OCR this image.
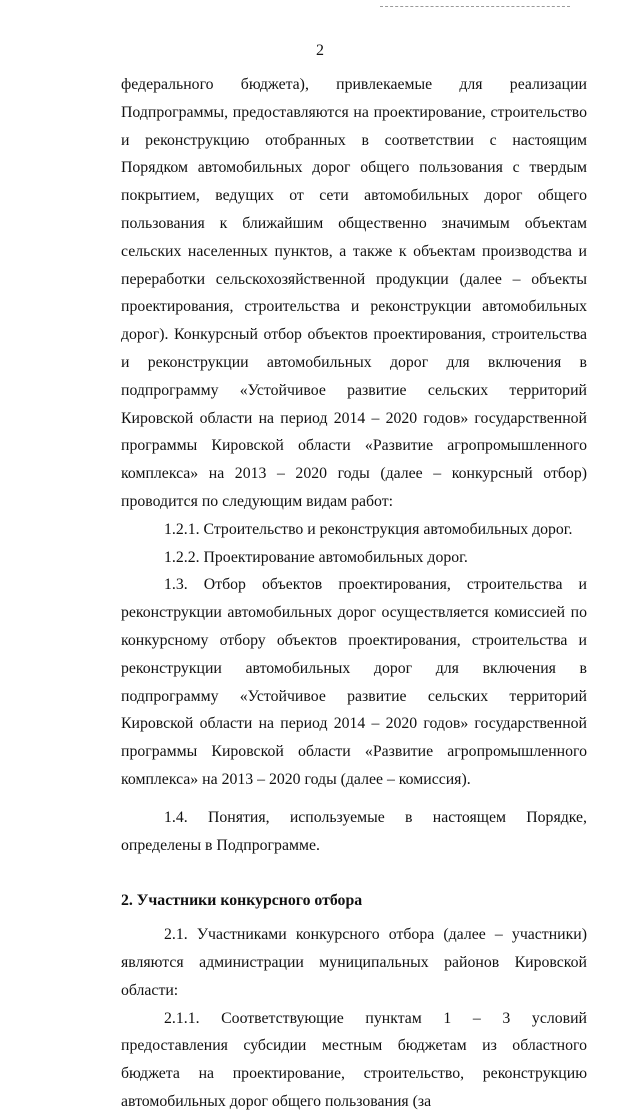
2

федерального бюджета), привлекаемые для реализации Подпрограммы, предоставляются на проектирование, строительство и реконструкцию отобранных в соответствии с настоящим Порядком автомобильных дорог общего пользования с твердым покрытием, ведущих от сети автомобильных дорог общего пользования к ближайшим общественно значимым объектам сельских населенных пунктов, а также к объектам производства и переработки сельскохозяйственной продукции (далее – объекты проектирования, строительства и реконструкции автомобильных дорог). Конкурсный отбор объектов проектирования, строительства и реконструкции автомобильных дорог для включения в подпрограмму «Устойчивое развитие сельских территорий Кировской области на период 2014 – 2020 годов» государственной программы Кировской области «Развитие агропромышленного комплекса» на 2013 – 2020 годы (далее – конкурсный отбор) проводится по следующим видам работ:

1.2.1. Строительство и реконструкция автомобильных дорог.

1.2.2. Проектирование автомобильных дорог.

1.3. Отбор объектов проектирования, строительства и реконструкции автомобильных дорог осуществляется комиссией по конкурсному отбору объектов проектирования, строительства и реконструкции автомобильных дорог для включения в подпрограмму «Устойчивое развитие сельских территорий Кировской области на период 2014 – 2020 годов» государственной программы Кировской области «Развитие агропромышленного комплекса» на 2013 – 2020 годы (далее – комиссия).

1.4. Понятия, используемые в настоящем Порядке, определены в Подпрограмме.

2. Участники конкурсного отбора

2.1. Участниками конкурсного отбора (далее – участники) являются администрации муниципальных районов Кировской области:

2.1.1. Соответствующие пунктам 1 – 3 условий предоставления субсидии местным бюджетам из областного бюджета на проектирование, строительство, реконструкцию автомобильных дорог общего пользования (за
